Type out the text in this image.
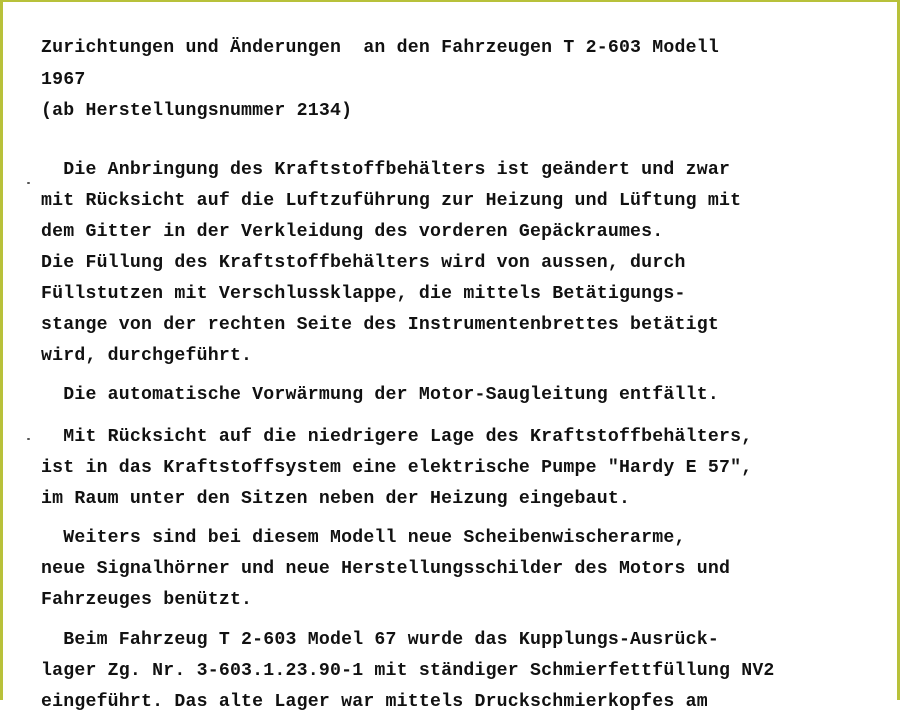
Zurichtungen und Änderungen  an den Fahrzeugen T 2-603 Modell

1967

(ab Herstellungsnummer 2134)

Die Anbringung des Kraftstoffbehälters ist geändert und zwar

mit Rücksicht auf die Luftzuführung zur Heizung und Lüftung mit

dem Gitter in der Verkleidung des vorderen Gepäckraumes.

Die Füllung des Kraftstoffbehälters wird von aussen, durch

Füllstutzen mit Verschlussklappe, die mittels Betätigungs-

stange von der rechten Seite des Instrumentenbrettes betätigt

wird, durchgeführt.

Die automatische Vorwärmung der Motor-Saugleitung entfällt.

Mit Rücksicht auf die niedrigere Lage des Kraftstoffbehälters,

ist in das Kraftstoffsystem eine elektrische Pumpe "Hardy E 57",

im Raum unter den Sitzen neben der Heizung eingebaut.

Weiters sind bei diesem Modell neue Scheibenwischerarme,

neue Signalhörner und neue Herstellungsschilder des Motors und

Fahrzeuges benützt.

Beim Fahrzeug T 2-603 Model 67 wurde das Kupplungs-Ausrück-

lager Zg. Nr. 3-603.1.23.90-1 mit ständiger Schmierfettfüllung NV2

eingeführt. Das alte Lager war mittels Druckschmierkopfes am
